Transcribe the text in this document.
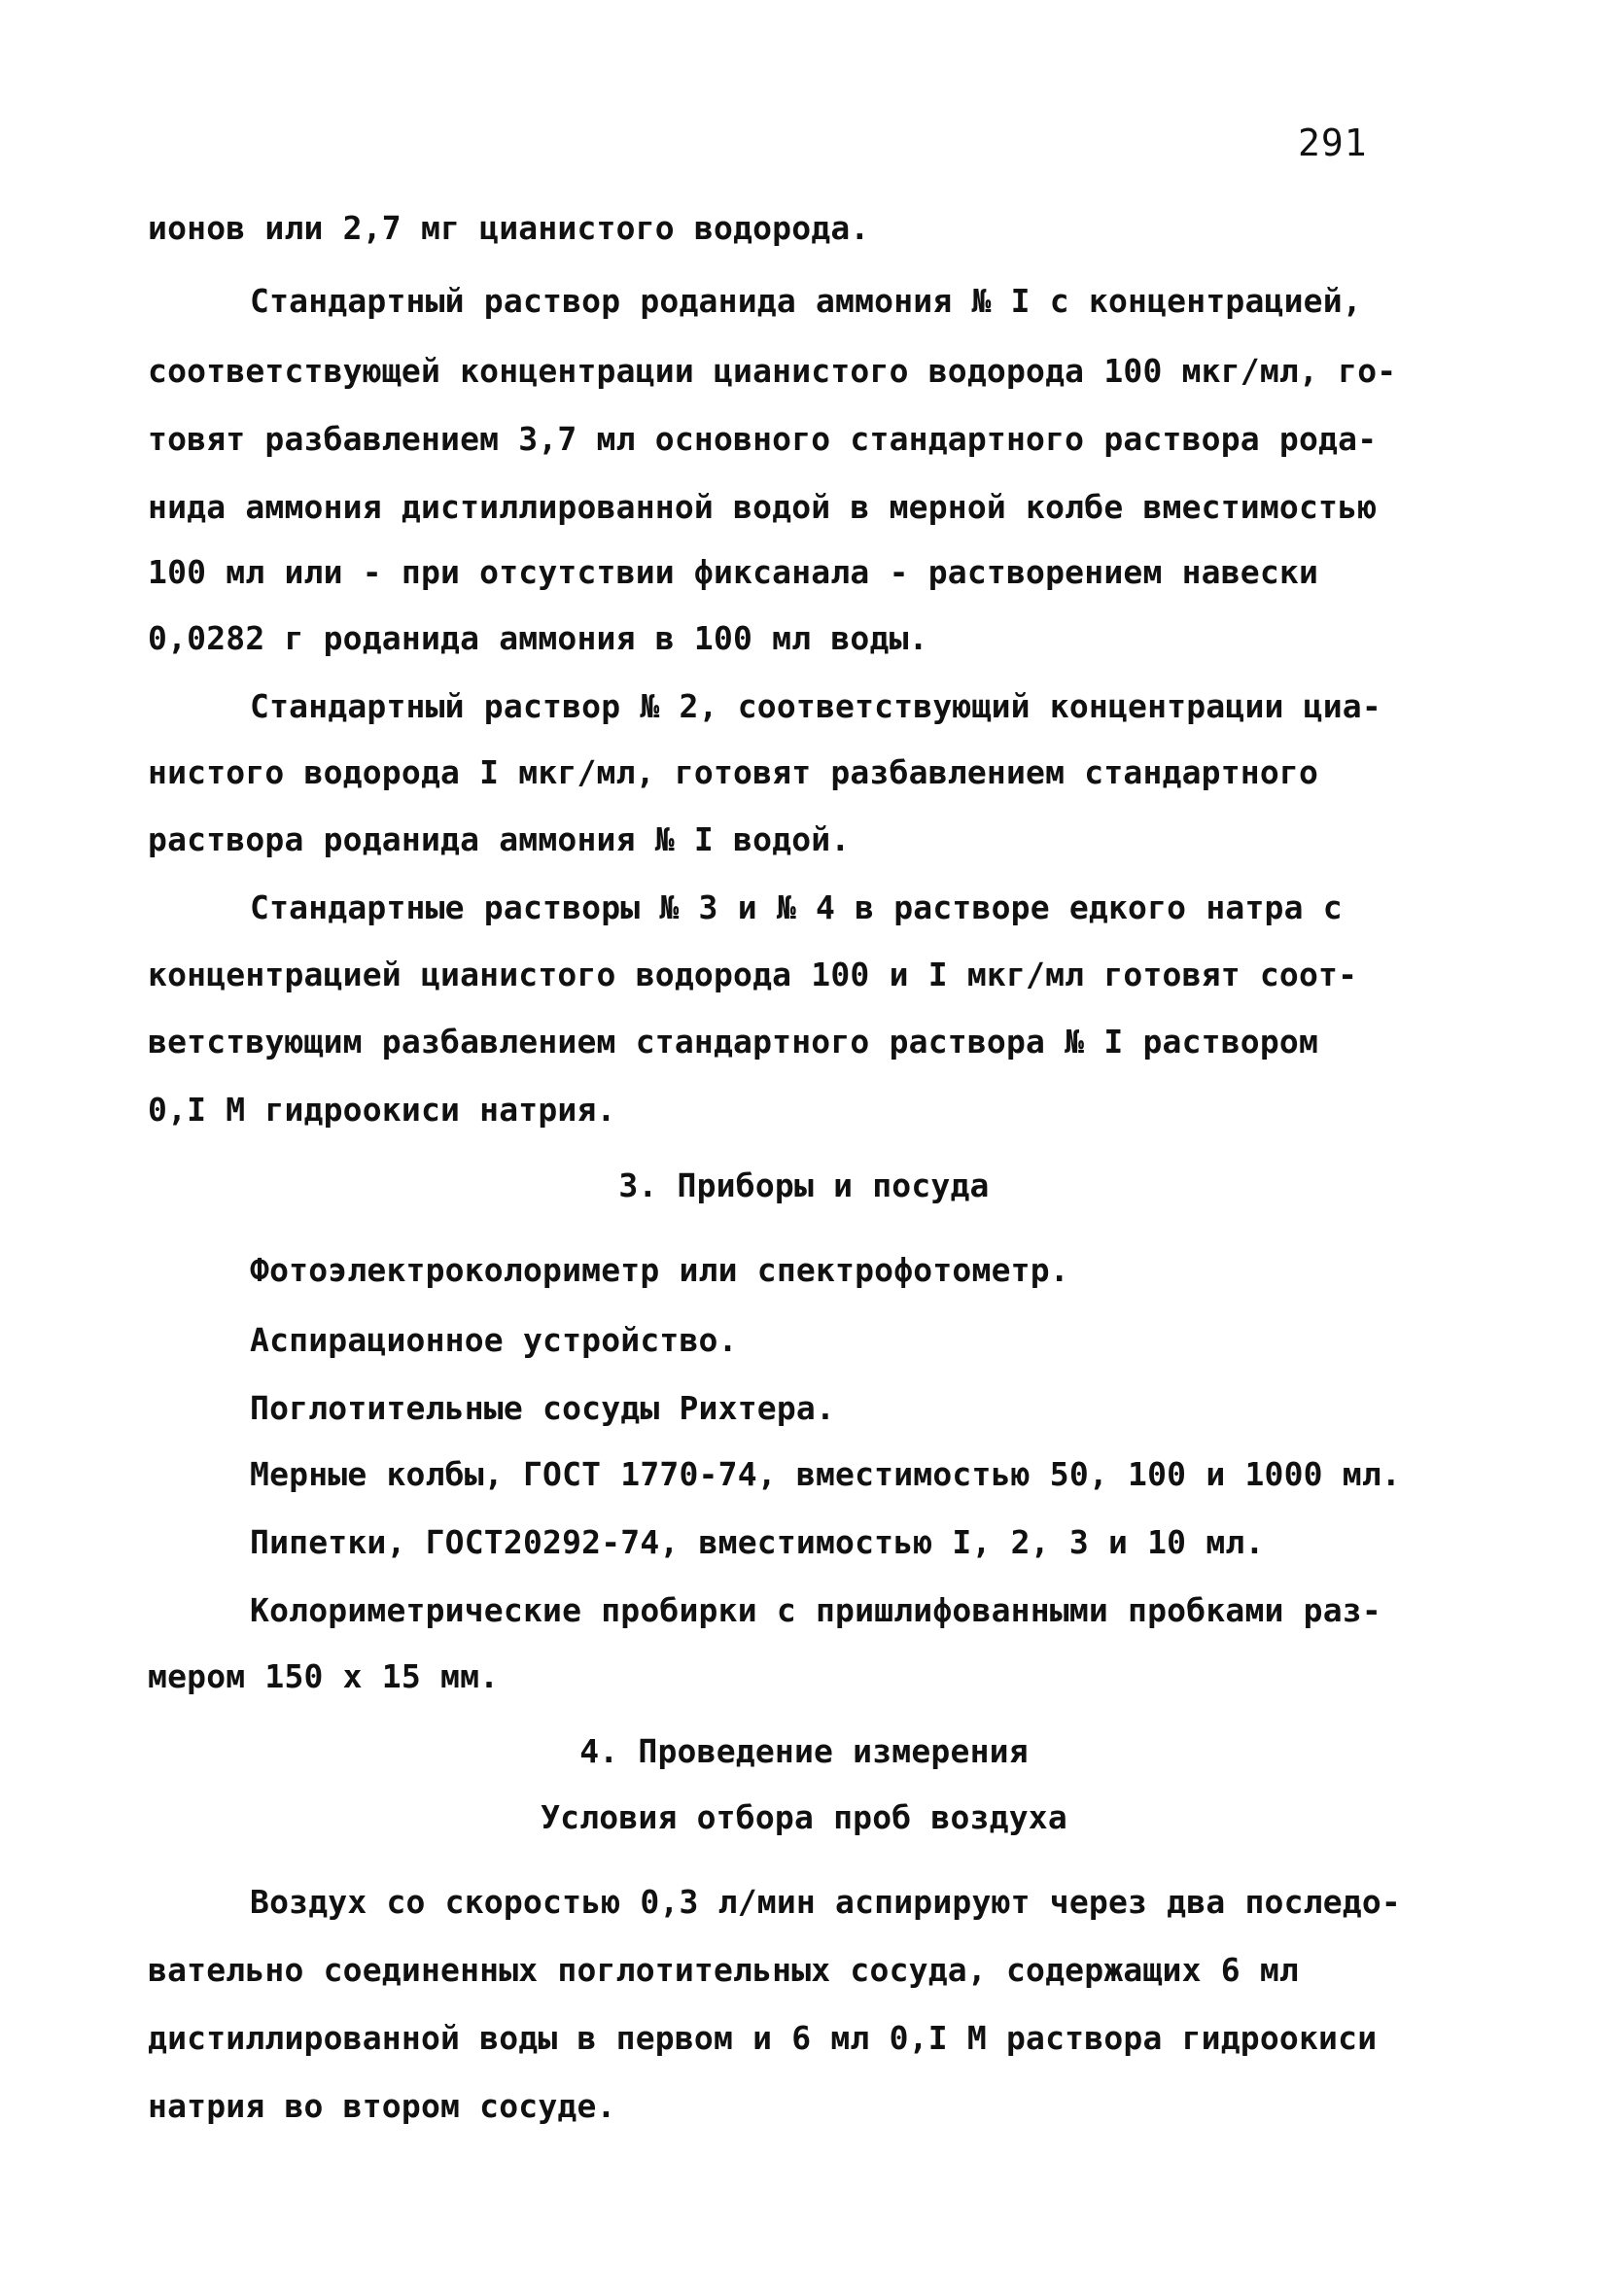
291
ионов или 2,7 мг цианистого водорода.
Стандартный раствор роданида аммония № I с концентрацией,
соответствующей концентрации цианистого водорода 100 мкг/мл, го-
товят разбавлением 3,7 мл основного стандартного раствора рода-
нида аммония дистиллированной водой в мерной колбе вместимостью
100 мл или - при отсутствии фиксанала - растворением навески
0,0282 г роданида аммония в 100 мл воды.
Стандартный раствор № 2, соответствующий концентрации циа-
нистого водорода I мкг/мл, готовят разбавлением стандартного
раствора роданида аммония № I водой.
Стандартные растворы № 3 и № 4 в растворе едкого натра с
концентрацией цианистого водорода 100 и I мкг/мл готовят соот-
ветствующим разбавлением стандартного раствора № I раствором
0,I М гидроокиси натрия.
3. Приборы и посуда
Фотоэлектроколориметр или спектрофотометр.
Аспирационное устройство.
Поглотительные сосуды Рихтера.
Мерные колбы, ГОСТ 1770-74, вместимостью 50, 100 и 1000 мл.
Пипетки, ГОСТ20292-74, вместимостью I, 2, 3 и 10 мл.
Колориметрические пробирки с пришлифованными пробками раз-
мером 150 х 15 мм.
4. Проведение измерения
Условия отбора проб воздуха
Воздух со скоростью 0,3 л/мин аспирируют через два последо-
вательно соединенных поглотительных сосуда, содержащих 6 мл
дистиллированной воды в первом и 6 мл 0,I М раствора гидроокиси
натрия во втором сосуде.
